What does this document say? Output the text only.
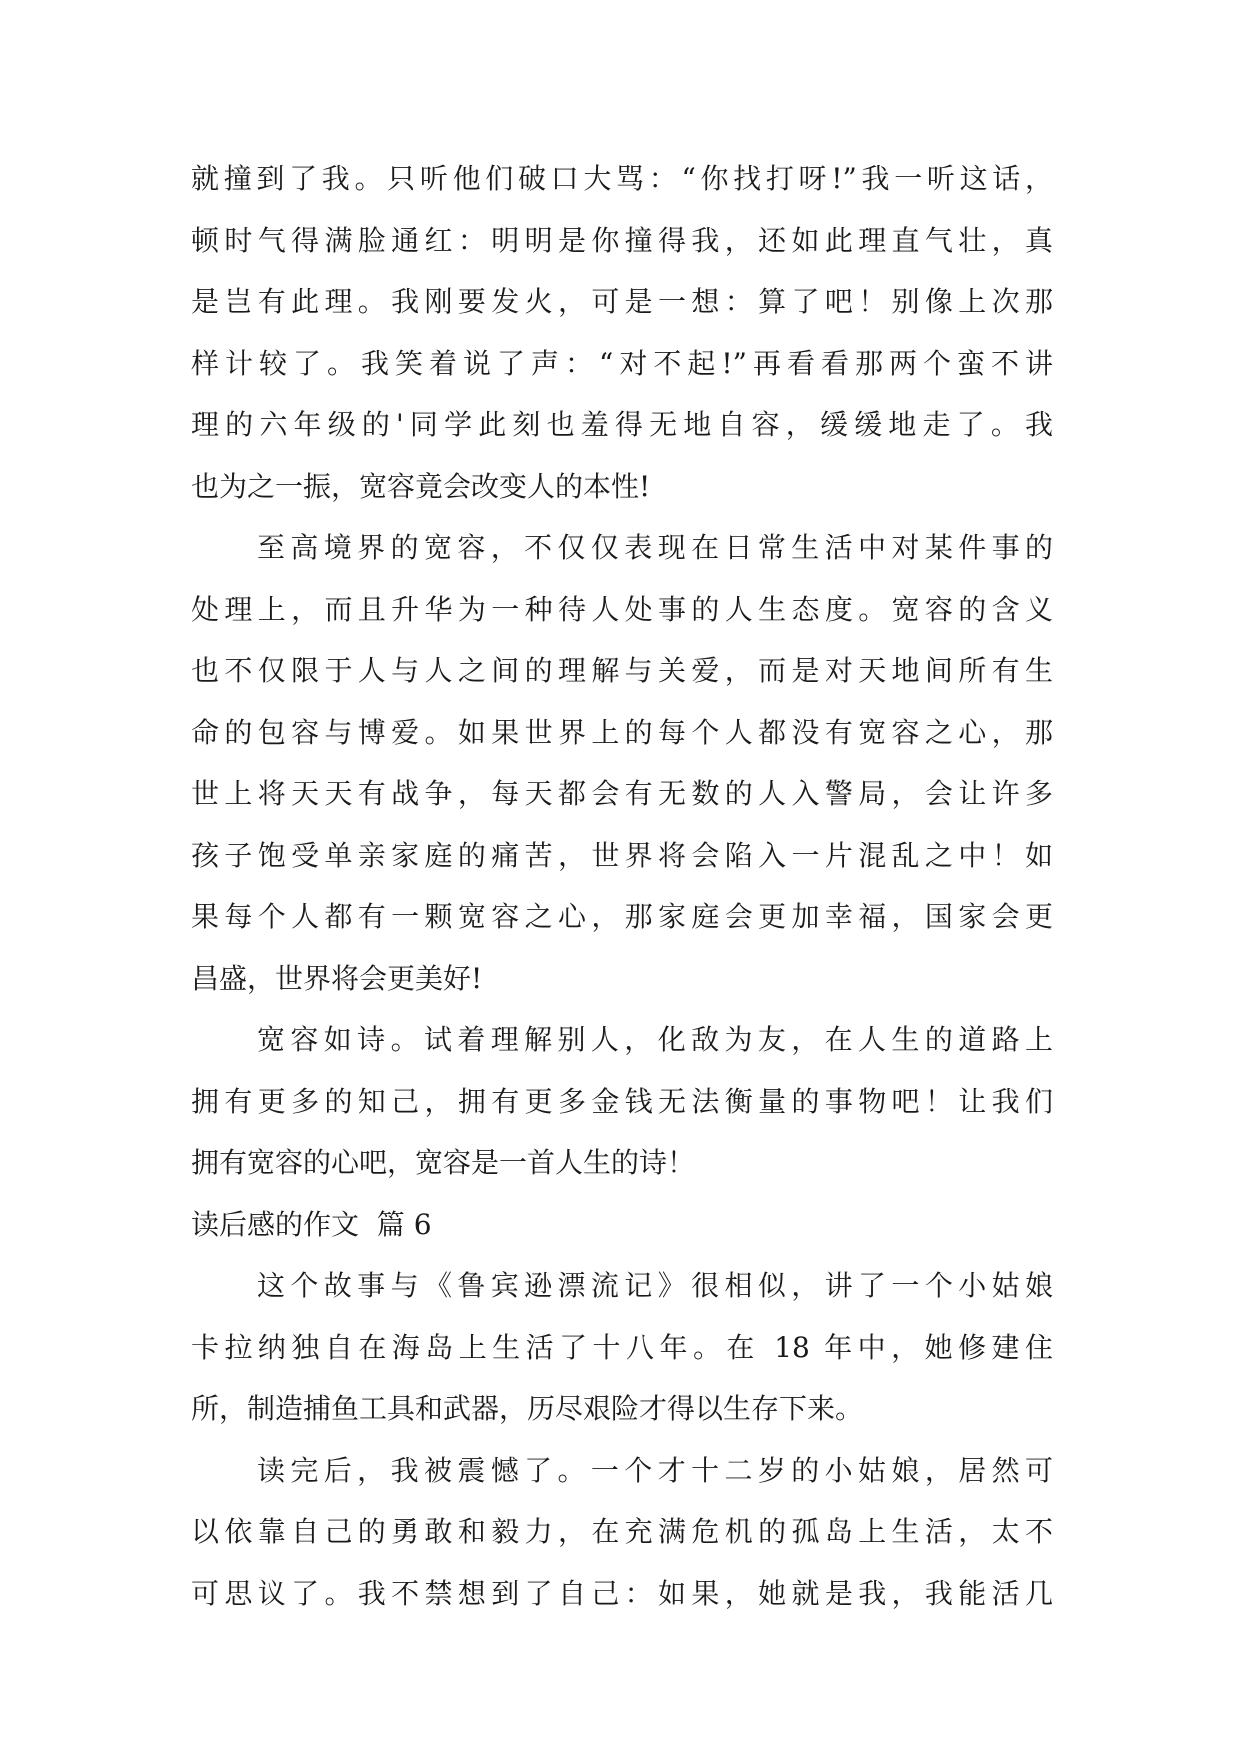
就撞到了我。只听他们破口大骂：“你找打呀!”我一听这话，
顿时气得满脸通红：明明是你撞得我，还如此理直气壮，真
是岂有此理。我刚要发火，可是一想：算了吧！别像上次那
样计较了。我笑着说了声：“对不起!”再看看那两个蛮不讲
理的六年级的'同学此刻也羞得无地自容，缓缓地走了。我
也为之一振，宽容竟会改变人的本性!
至高境界的宽容，不仅仅表现在日常生活中对某件事的
处理上，而且升华为一种待人处事的人生态度。宽容的含义
也不仅限于人与人之间的理解与关爱，而是对天地间所有生
命的包容与博爱。如果世界上的每个人都没有宽容之心，那
世上将天天有战争，每天都会有无数的人入警局，会让许多
孩子饱受单亲家庭的痛苦，世界将会陷入一片混乱之中！如
果每个人都有一颗宽容之心，那家庭会更加幸福，国家会更
昌盛，世界将会更美好!
宽容如诗。试着理解别人，化敌为友，在人生的道路上
拥有更多的知己，拥有更多金钱无法衡量的事物吧！让我们
拥有宽容的心吧，宽容是一首人生的诗！
读后感的作文  篇 6
这个故事与《鲁宾逊漂流记》很相似，讲了一个小姑娘
卡拉纳独自在海岛上生活了十八年。在 18 年中，她修建住
所，制造捕鱼工具和武器，历尽艰险才得以生存下来。
读完后，我被震憾了。一个才十二岁的小姑娘，居然可
以依靠自己的勇敢和毅力，在充满危机的孤岛上生活，太不
可思议了。我不禁想到了自己：如果，她就是我，我能活几
